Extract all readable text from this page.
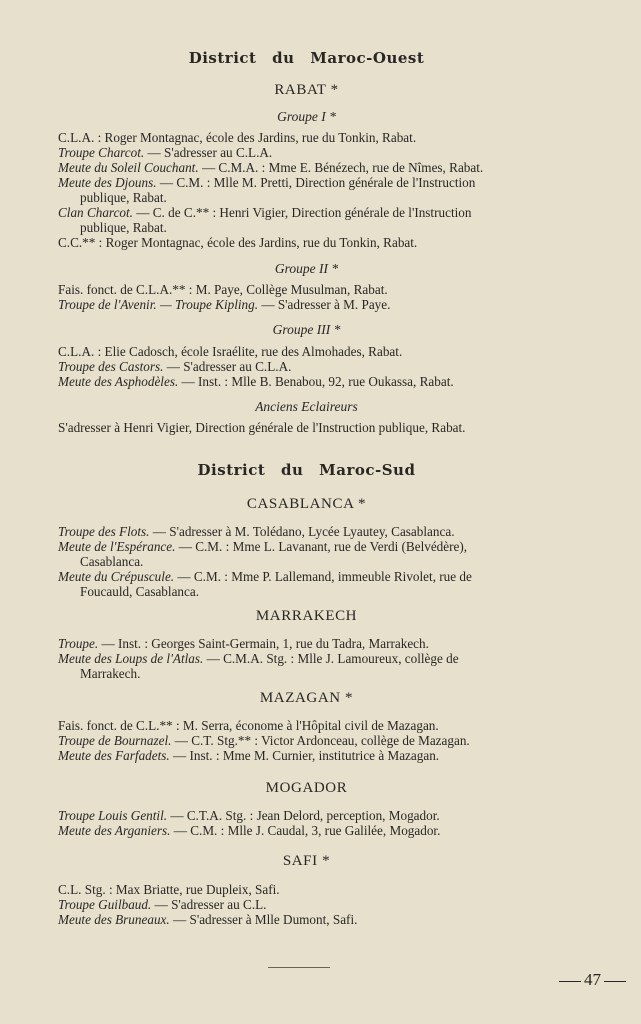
District du Maroc-Ouest
RABAT *
Groupe I *

C.L.A. : Roger Montagnac, école des Jardins, rue du Tonkin, Rabat.

Troupe Charcot. — S'adresser au C.L.A.

Meute du Soleil Couchant. — C.M.A. : Mme E. Bénézech, rue de Nîmes, Rabat.

Meute des Djouns. — C.M. : Mlle M. Pretti, Direction générale de l'Instruction
publique, Rabat.

Clan Charcot. — C. de C.** : Henri Vigier, Direction générale de l'Instruction
publique, Rabat.

C.C.** : Roger Montagnac, école des Jardins, rue du Tonkin, Rabat.

Groupe II *

Fais. fonct. de C.L.A.** : M. Paye, Collège Musulman, Rabat.

Troupe de l'Avenir. — Troupe Kipling. — S'adresser à M. Paye.

Groupe III *

C.L.A. : Elie Cadosch, école Israélite, rue des Almohades, Rabat.

Troupe des Castors. — S'adresser au C.L.A.

Meute des Asphodèles. — Inst. : Mlle B. Benabou, 92, rue Oukassa, Rabat.

Anciens Eclaireurs

S'adresser à Henri Vigier, Direction générale de l'Instruction publique, Rabat.

District du Maroc-Sud
CASABLANCA *

Troupe des Flots. — S'adresser à M. Tolédano, Lycée Lyautey, Casablanca.

Meute de l'Espérance. — C.M. : Mme L. Lavanant, rue de Verdi (Belvédère),
Casablanca.

Meute du Crépuscule. — C.M. : Mme P. Lallemand, immeuble Rivolet, rue de
Foucauld, Casablanca.

MARRAKECH

Troupe. — Inst. : Georges Saint-Germain, 1, rue du Tadra, Marrakech.

Meute des Loups de l'Atlas. — C.M.A. Stg. : Mlle J. Lamoureux, collège de
Marrakech.

MAZAGAN *

Fais. fonct. de C.L.** : M. Serra, économe à l'Hôpital civil de Mazagan.

Troupe de Bournazel. — C.T. Stg.** : Victor Ardonceau, collège de Mazagan.

Meute des Farfadets. — Inst. : Mme M. Curnier, institutrice à Mazagan.

MOGADOR

Troupe Louis Gentil. — C.T.A. Stg. : Jean Delord, perception, Mogador.

Meute des Arganiers. — C.M. : Mlle J. Caudal, 3, rue Galilée, Mogador.

SAFI *

C.L. Stg. : Max Briatte, rue Dupleix, Safi.

Troupe Guilbaud. — S'adresser au C.L.

Meute des Bruneaux. — S'adresser à Mlle Dumont, Safi.

47
